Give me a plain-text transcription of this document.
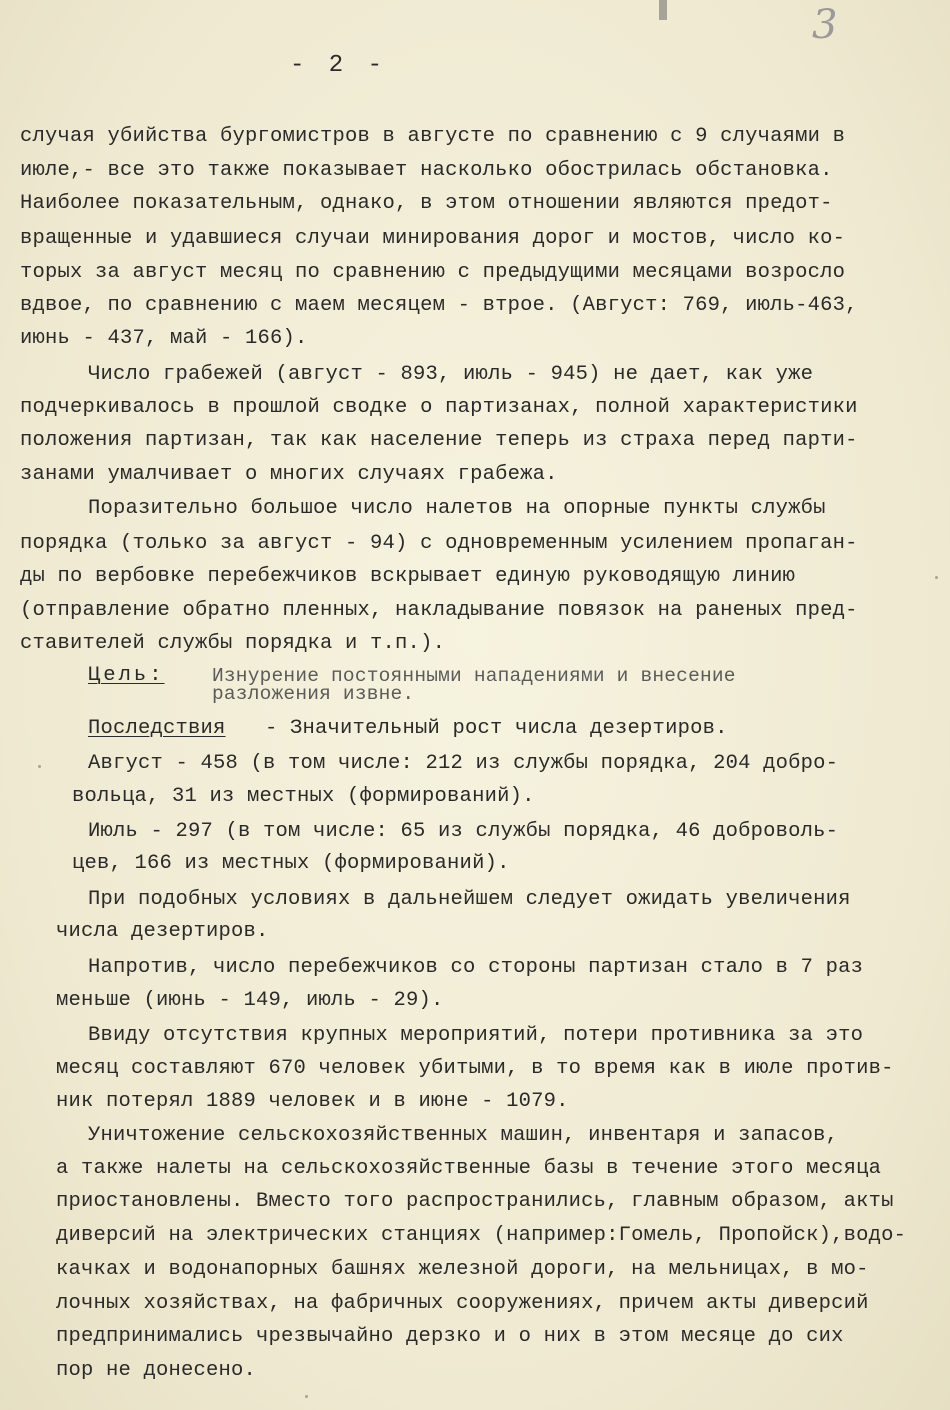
3
- 2 -
случая убийства бургомистров в августе по сравнению с 9 случаями в
июле,- все это также показывает насколько обострилась обстановка.
Наиболее показательным, однако, в этом отношении являются предот-
вращенные и удавшиеся случаи минирования дорог и мостов, число ко-
торых за август месяц по сравнению с предыдущими месяцами возросло
вдвое, по сравнению с маем месяцем - втрое. (Август: 769, июль-463,
июнь - 437, май - 166).
Число грабежей (август - 893, июль - 945) не дает, как уже
подчеркивалось в прошлой сводке о партизанах, полной характеристики
положения партизан, так как население теперь из страха перед парти-
занами умалчивает о многих случаях грабежа.
Поразительно большое число налетов на опорные пункты службы
порядка (только за август - 94) с одновременным усилением пропаган-
ды по вербовке перебежчиков вскрывает единую руководящую линию
(отправление обратно пленных, накладывание повязок на раненых пред-
ставителей службы порядка и т.п.).
Цель: Изнурение постоянными нападениями и внесение
разложения извне.
Последствия - Значительный рост числа дезертиров.
Август - 458 (в том числе: 212 из службы порядка, 204 добро-
вольца, 31 из местных (формирований).
Июль - 297 (в том числе: 65 из службы порядка, 46 доброволь-
цев, 166 из местных (формирований).
При подобных условиях в дальнейшем следует ожидать увеличения
числа дезертиров.
Напротив, число перебежчиков со стороны партизан стало в 7 раз
меньше (июнь - 149, июль - 29).
Ввиду отсутствия крупных мероприятий, потери противника за это
месяц составляют 670 человек убитыми, в то время как в июле против-
ник потерял 1889 человек и в июне - 1079.
Уничтожение сельскохозяйственных машин, инвентаря и запасов,
а также налеты на сельскохозяйственные базы в течение этого месяца
приостановлены. Вместо того распространились, главным образом, акты
диверсий на электрических станциях (например:Гомель, Пропойск),водо-
качках и водонапорных башнях железной дороги, на мельницах, в мо-
лочных хозяйствах, на фабричных сооружениях, причем акты диверсий
предпринимались чрезвычайно дерзко и о них в этом месяце до сих
пор не донесено.
